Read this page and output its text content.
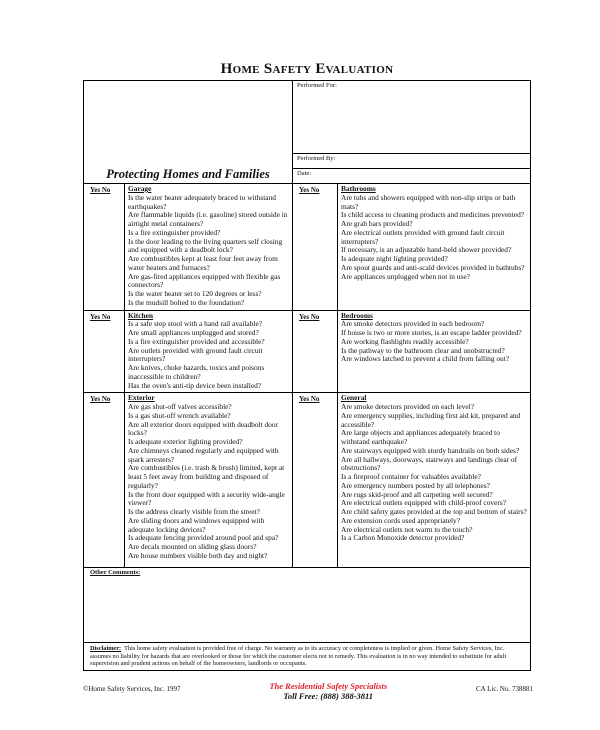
Home Safety Evaluation
Protecting Homes and Families
Performed For:
Performed By:
Date:
Yes No	Garage
Is the water heater adequately braced to withstand earthquakes?
Are flammable liquids (i.e. gasoline) stored outside in airtight metal containers?
Is a fire extinguisher provided?
Is the door leading to the living quarters self closing and equipped with a deadbolt lock?
Are combustibles kept at least four feet away from water heaters and furnaces?
Are gas-fired appliances equipped with flexible gas connectors?
Is the water heater set to 120 degrees or less?
Is the mudsill bolted to the foundation?
Yes No	Bathrooms
Are tubs and showers equipped with non-slip strips or bath mats?
Is child access to cleaning products and medicines prevented?
Are grab bars provided?
Are electrical outlets provided with ground fault circuit interrupters?
If necessary, is an adjustable hand-held shower provided?
Is adequate night lighting provided?
Are spout guards and anti-scald devices provided in bathtubs?
Are appliances unplugged when not in use?
Yes No	Kitchen
Is a safe step stool with a hand rail available?
Are small appliances unplugged and stored?
Is a fire extinguisher provided and accessible?
Are outlets provided with ground fault circuit interrupters?
Are knives, choke hazards, toxics and poisons inaccessible to children?
Has the oven's anti-tip device been installed?
Yes No	Bedrooms
Are smoke detectors provided in each bedroom?
If house is two or more stories, is an escape ladder provided?
Are working flashlights readily accessible?
Is the pathway to the bathroom clear and unobstructed?
Are windows latched to prevent a child from falling out?
Yes No	Exterior
Are gas shut-off valves accessible?
Is a gas shut-off wrench available?
Are all exterior doors equipped with deadbolt door locks?
Is adequate exterior lighting provided?
Are chimneys cleaned regularly and equipped with spark arresters?
Are combustibles (i.e. trash & brush) limited, kept at least 5 feet away from building and disposed of regularly?
Is the front door equipped with a security wide-angle viewer?
Is the address clearly visible from the street?
Are sliding doors and windows equipped with adequate locking devices?
Is adequate fencing provided around pool and spa?
Are decals mounted on sliding glass doors?
Are house numbers visible both day and night?
Yes No	General
Are smoke detectors provided on each level?
Are emergency supplies, including first aid kit, prepared and accessible?
Are large objects and appliances adequately braced to withstand earthquake?
Are stairways equipped with sturdy handrails on both sides?
Are all hallways, doorways, stairways and landings clear of obstructions?
Is a fireproof container for valuables available?
Are emergency numbers posted by all telephones?
Are rugs skid-proof and all carpeting well secured?
Are electrical outlets equipped with child-proof covers?
Are child safety gates provided at the top and bottom of stairs?
Are extension cords used appropriately?
Are electrical outlets not warm to the touch?
Is a Carbon Monoxide detector provided?
Other Comments:
Disclaimer: This home safety evaluation is provided free of charge. No warranty as to its accuracy or completeness is implied or given. Home Safety Services, Inc. assumes no liability for hazards that are overlooked or those for which the customer elects not to remedy. This evaluation is in no way intended to substitute for adult supervision and prudent actions on behalf of the homeowners, landlords or occupants.
©Home Safety Services, Inc. 1997	The Residential Safety Specialists
Toll Free: (888) 388-3811
CA Lic. No. 738881
